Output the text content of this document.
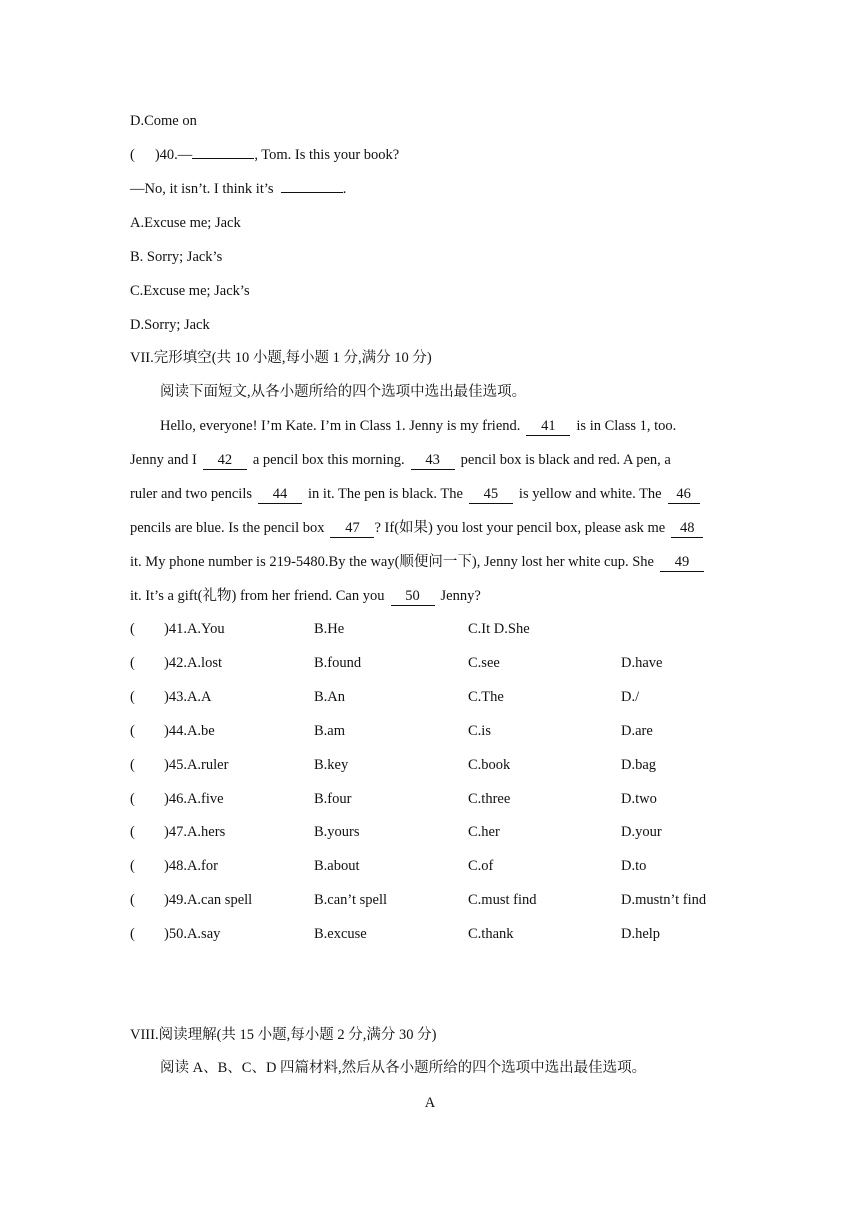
D.Come on
( )40.—	, Tom. Is this your book?
—No, it isn’t. I think it’s	.
A.Excuse me; Jack
B. Sorry; Jack’s
C.Excuse me; Jack’s
D.Sorry; Jack
VII.完形填空(共 10 小题,每小题 1 分,满分 10 分)
阅读下面短文,从各小题所给的四个选项中选出最佳选项。
Hello, everyone! I’m Kate. I’m in Class 1. Jenny is my friend. 41 is in Class 1, too.
Jenny and I 42 a pencil box this morning. 43 pencil box is black and red. A pen, a
ruler and two pencils 44 in it. The pen is black. The 45 is yellow and white. The 46
pencils are blue. Is the pencil box 47 ? If(如果) you lost your pencil box, please ask me 48
it. My phone number is 219-5480.By the way(顺便问一下), Jenny lost her white cup. She 49
it. It’s a gift(礼物) from her friend. Can you 50 Jenny?
( )41.A.You	B.He	C.It D.She
( )42.A.lost	B.found	C.see	D.have
( )43.A.A	B.An	C.The	D./
( )44.A.be	B.am	C.is	D.are
( )45.A.ruler	B.key	C.book	D.bag
( )46.A.five	B.four	C.three	D.two
( )47.A.hers	B.yours	C.her	D.your
( )48.A.for	B.about	C.of	D.to
( )49.A.can spell	B.can’t spell	C.must find	D.mustn’t find
( )50.A.say	B.excuse	C.thank	D.help
VIII.阅读理解(共 15 小题,每小题 2 分,满分 30 分)
阅读 A、B、C、D 四篇材料,然后从各小题所给的四个选项中选出最佳选项。
A
